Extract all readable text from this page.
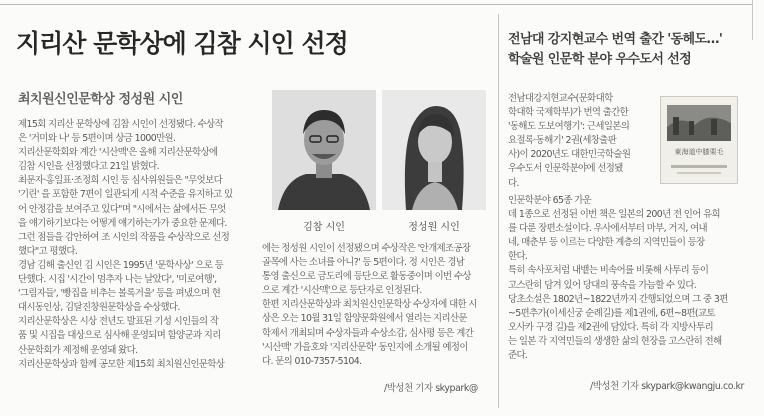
지리산 문학상에 김참 시인 선정
최치원신인문학상 정성원 시인

제15회 지리산 문학상에 김참 시인이 선정됐다. 수상작

은 '거미와 나' 등 5편이며 상금 1000만원.

지리산문학회와 계간 '시산맥'은 올해 지리산문학상에

김참 시인을 선정했다고 21일 밝혔다.

최문자·홍일표·조정희 시인 등 심사위원들은 "무엇보다

'기린' 을 포함한 7편이 일관되게 시적 수준을 유지하고 있

어 안정감을 보여주고 있다"며 "시에서는 삶에서든 무엇

을 얘기하기보다는 어떻게 얘기하는가가 중요한 문제다.

그런 점들을 감안하여 조 시인의 작품을 수상작으로 선정

했다"고 평했다.

경남 김해 출신인 김 시인은 1995년 '문학사상' 으로 등

단했다. 시집 '시간이 멈추자 나는 날았다', '미로여행',

'그림자들', '빵집을 비추는 볼록거울' 등을 펴냈으며 현

대시동인상, 김달진창원문학상을 수상했다.

지리산문학상은 시상 전년도 발표된 기성 시인들의 작

품 및 시집을 대상으로 심사해 운영되며 함양군과 지리

산문학회가 제정해 운영돼 왔다.

지리산문학상과 함께 공모한 제15회 최치원신인문학상

김참 시인	정성원 시인

에는 정성원 시인이 선정됐으며 수상작은 '안개제조공장

골목에 사는 소녀를 아니?' 등 5편이다. 정 시인은 경남

통영 출신으로 금도리에 등단으로 활동중이며 이번 수상

으로 계간 '시산맥'으로 등단자로 인정된다.

한편 지리산문학상과 최치원신인문학상 수상자에 대한 시

상은 오는 10월 31일 함양문화원에서 열리는 지리산문

학제서 개최되며 수상자들과 수상소감, 심사평 등은 계간

'시산맥' 가을호와 '지리산문학' 동인지에 소개될 예정이

다. 문의 010-7357-5104.

/박성천 기자 skypark@
전남대 강지현교수 번역 출간 '동헤도…'
학술원 인문학 분야 우수도서 선정

전남대강지현교수(문화대학

학대학 국제학부)가 번역 출간한

'동해도 도보여행기': 근세일본의

요절록·동해기' 2권(세창출판

사)이 2020년도 대한민국학술원

우수도서 인문학분야에 선정됐

다.

東海道中膝栗毛

인문학분야 65종 가운

데 1종으로 선정된 이번 책은 일본의 200년 전 인어 유희

를 다룬 장편소설이다. 우사에서부터 마부, 거지, 여내

네, 매춘부 등 이르는 다양한 계층의 지역민들이 등장

한다.

특히 속사포처럼 내뱉는 비속어를 비롯해 사투리 등이

고스란히 담겨 있어 당대의 풍속을 가늠할 수 있다.

당초소설은 1802년~1822년까지 간행되었으며 그 중 3편

~5편추가(이세신궁 순례길)를 제1권에, 6편~8편(교토

오사카 구경 길)을 제2권에 담았다. 특히 각 지방사투리

는 일본 각 지역민들의 생생한 삶의 현장을 고스란히 전해

준다.

/박성천 기자 skypark@kwangju.co.kr
